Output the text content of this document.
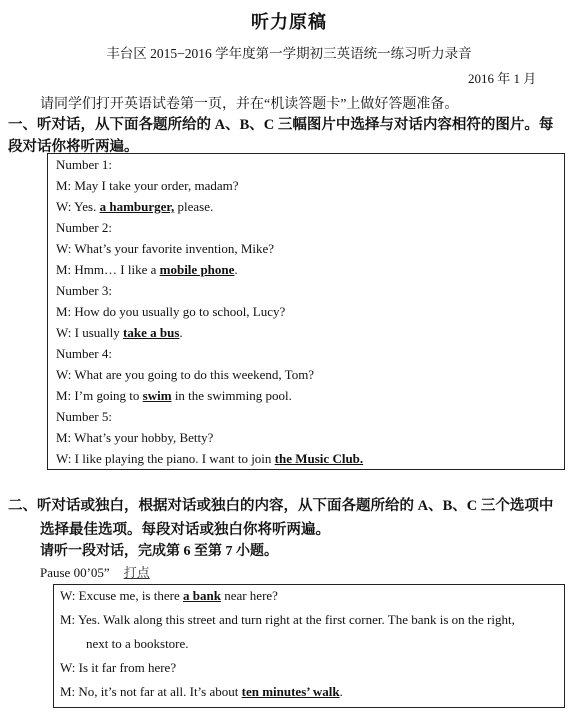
听力原稿
丰台区 2015−2016 学年度第一学期初三英语统一练习听力录音
2016 年 1 月
请同学们打开英语试卷第一页，并在“机读答题卡”上做好答题准备。
一、听对话，从下面各题所给的 A、B、C 三幅图片中选择与对话内容相符的图片。每
段对话你将听两遍。
Number 1:
M: May I take your order, madam?
W: Yes. a hamburger, please.
Number 2:
W: What’s your favorite invention, Mike?
M: Hmm… I like a mobile phone.
Number 3:
M: How do you usually go to school, Lucy?
W: I usually take a bus.
Number 4:
W: What are you going to do this weekend, Tom?
M: I’m going to swim in the swimming pool.
Number 5:
M: What’s your hobby, Betty?
W: I like playing the piano. I want to join the Music Club.
二、听对话或独白，根据对话或独白的内容，从下面各题所给的 A、B、C 三个选项中
选择最佳选项。每段对话或独白你将听两遍。
请听一段对话，完成第 6 至第 7 小题。
Pause 00’05” 打点
W: Excuse me, is there a bank near here?
M: Yes. Walk along this street and turn right at the first corner. The bank is on the right,
next to a bookstore.
W: Is it far from here?
M: No, it’s not far at all. It’s about ten minutes’ walk.
